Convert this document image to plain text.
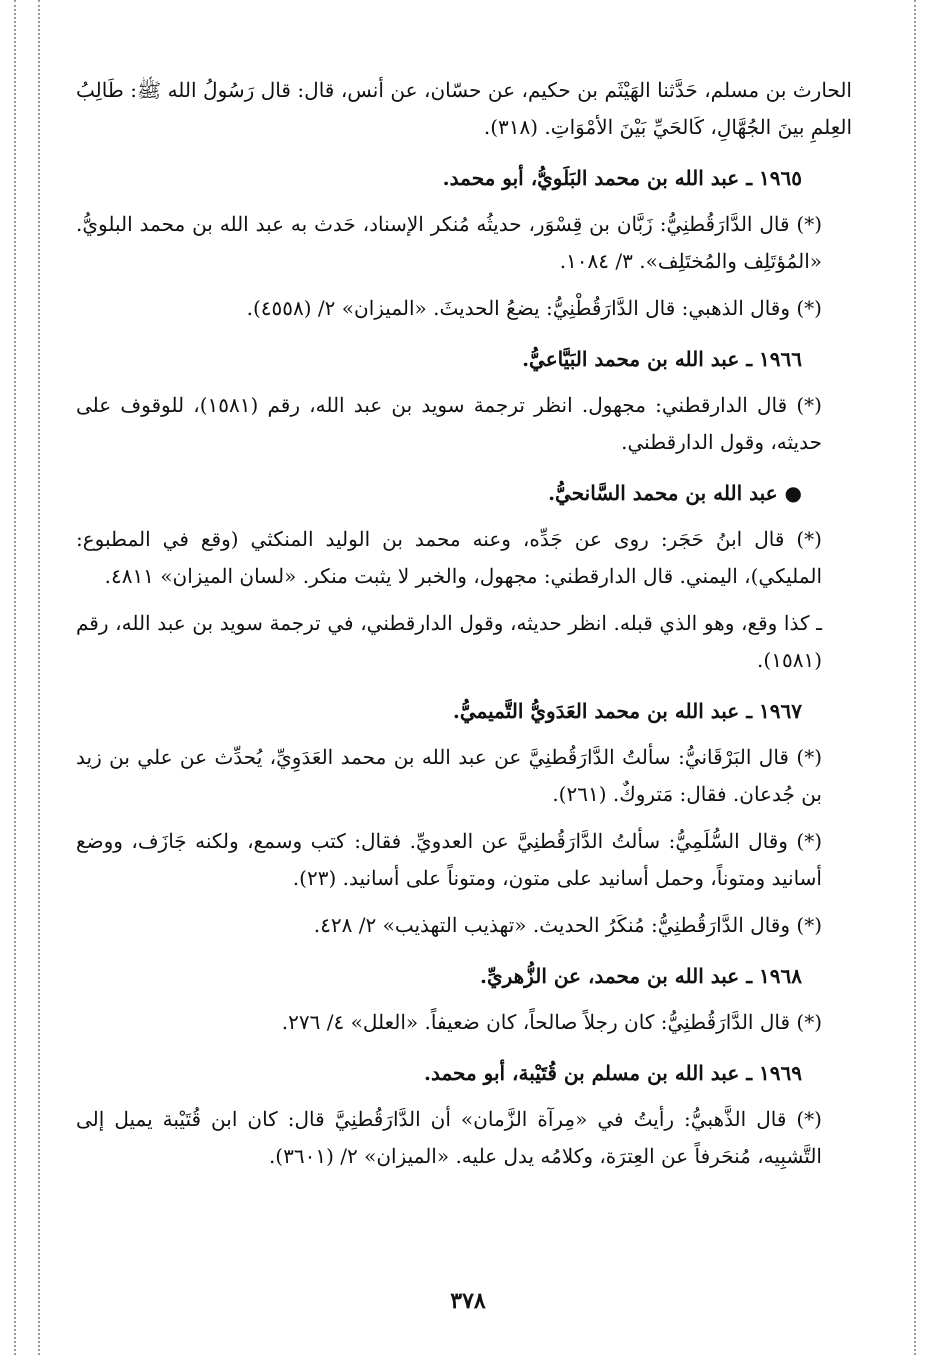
الحارث بن مسلم، حَدَّثنا الهَيْثَم بن حكيم، عن حسّان، عن أنس، قال: قال رَسُولُ الله ﷺ: طَالِبُ العِلمِ بينَ الجُهَّالِ، كَالحَيِّ بَيْنَ الأمْوَاتِ. (٣١٨).

١٩٦٥ ـ عبد الله بن محمد البَلَويُّ، أبو محمد.

(*) قال الدَّارَقُطنِيُّ: زَبَّان بن قِسْوَر، حديثُه مُنكر الإسناد، حَدث به عبد الله بن محمد البلويُّ. «المُؤتَلِف والمُختَلِف». ٣/ ١٠٨٤.

(*) وقال الذهبي: قال الدَّارَقُطْنِيُّ: يضعُ الحديثَ. «الميزان» ٢/ (٤٥٥٨).

١٩٦٦ ـ عبد الله بن محمد البَيَّاعيُّ.

(*) قال الدارقطني: مجهول. انظر ترجمة سويد بن عبد الله، رقم (١٥٨١)، للوقوف على حديثه، وقول الدارقطني.

● عبد الله بن محمد السَّانحيُّ.

(*) قال ابنُ حَجَر: روى عن جَدِّه، وعنه محمد بن الوليد المنكثي (وقع في المطبوع: المليكي)، اليمني. قال الدارقطني: مجهول، والخبر لا يثبت منكر. «لسان الميزان» ٤٨١١.

ـ كذا وقع، وهو الذي قبله. انظر حديثه، وقول الدارقطني، في ترجمة سويد بن عبد الله، رقم (١٥٨١).

١٩٦٧ ـ عبد الله بن محمد العَدَويُّ التَّميميُّ.

(*) قال البَرْقَانيُّ: سألتُ الدَّارَقُطنِيَّ عن عبد الله بن محمد العَدَوِيِّ، يُحدِّث عن علي بن زيد بن جُدعان. فقال: مَتروكٌ. (٢٦١).

(*) وقال السُّلَمِيُّ: سألتُ الدَّارَقُطنِيَّ عن العدويِّ. فقال: كتب وسمع، ولكنه جَازَف، ووضع أسانيد ومتوناً، وحمل أسانيد على متون، ومتوناً على أسانيد. (٢٣).

(*) وقال الدَّارَقُطنِيُّ: مُنكَرُ الحديث. «تهذيب التهذيب» ٢/ ٤٢٨.

١٩٦٨ ـ عبد الله بن محمد، عن الزُّهريِّ.

(*) قال الدَّارَقُطنِيُّ: كان رجلاً صالحاً، كان ضعيفاً. «العلل» ٤/ ٢٧٦.

١٩٦٩ ـ عبد الله بن مسلم بن قُتَيْبة، أبو محمد.

(*) قال الذَّهبيُّ: رأيتُ في «مِرآة الزَّمان» أن الدَّارَقُطنِيَّ قال: كان ابن قُتَيْبة يميل إلى التَّشبِيه، مُنحَرفاً عن العِترَة، وكلامُه يدل عليه. «الميزان» ٢/ (٣٦٠١).

٣٧٨
